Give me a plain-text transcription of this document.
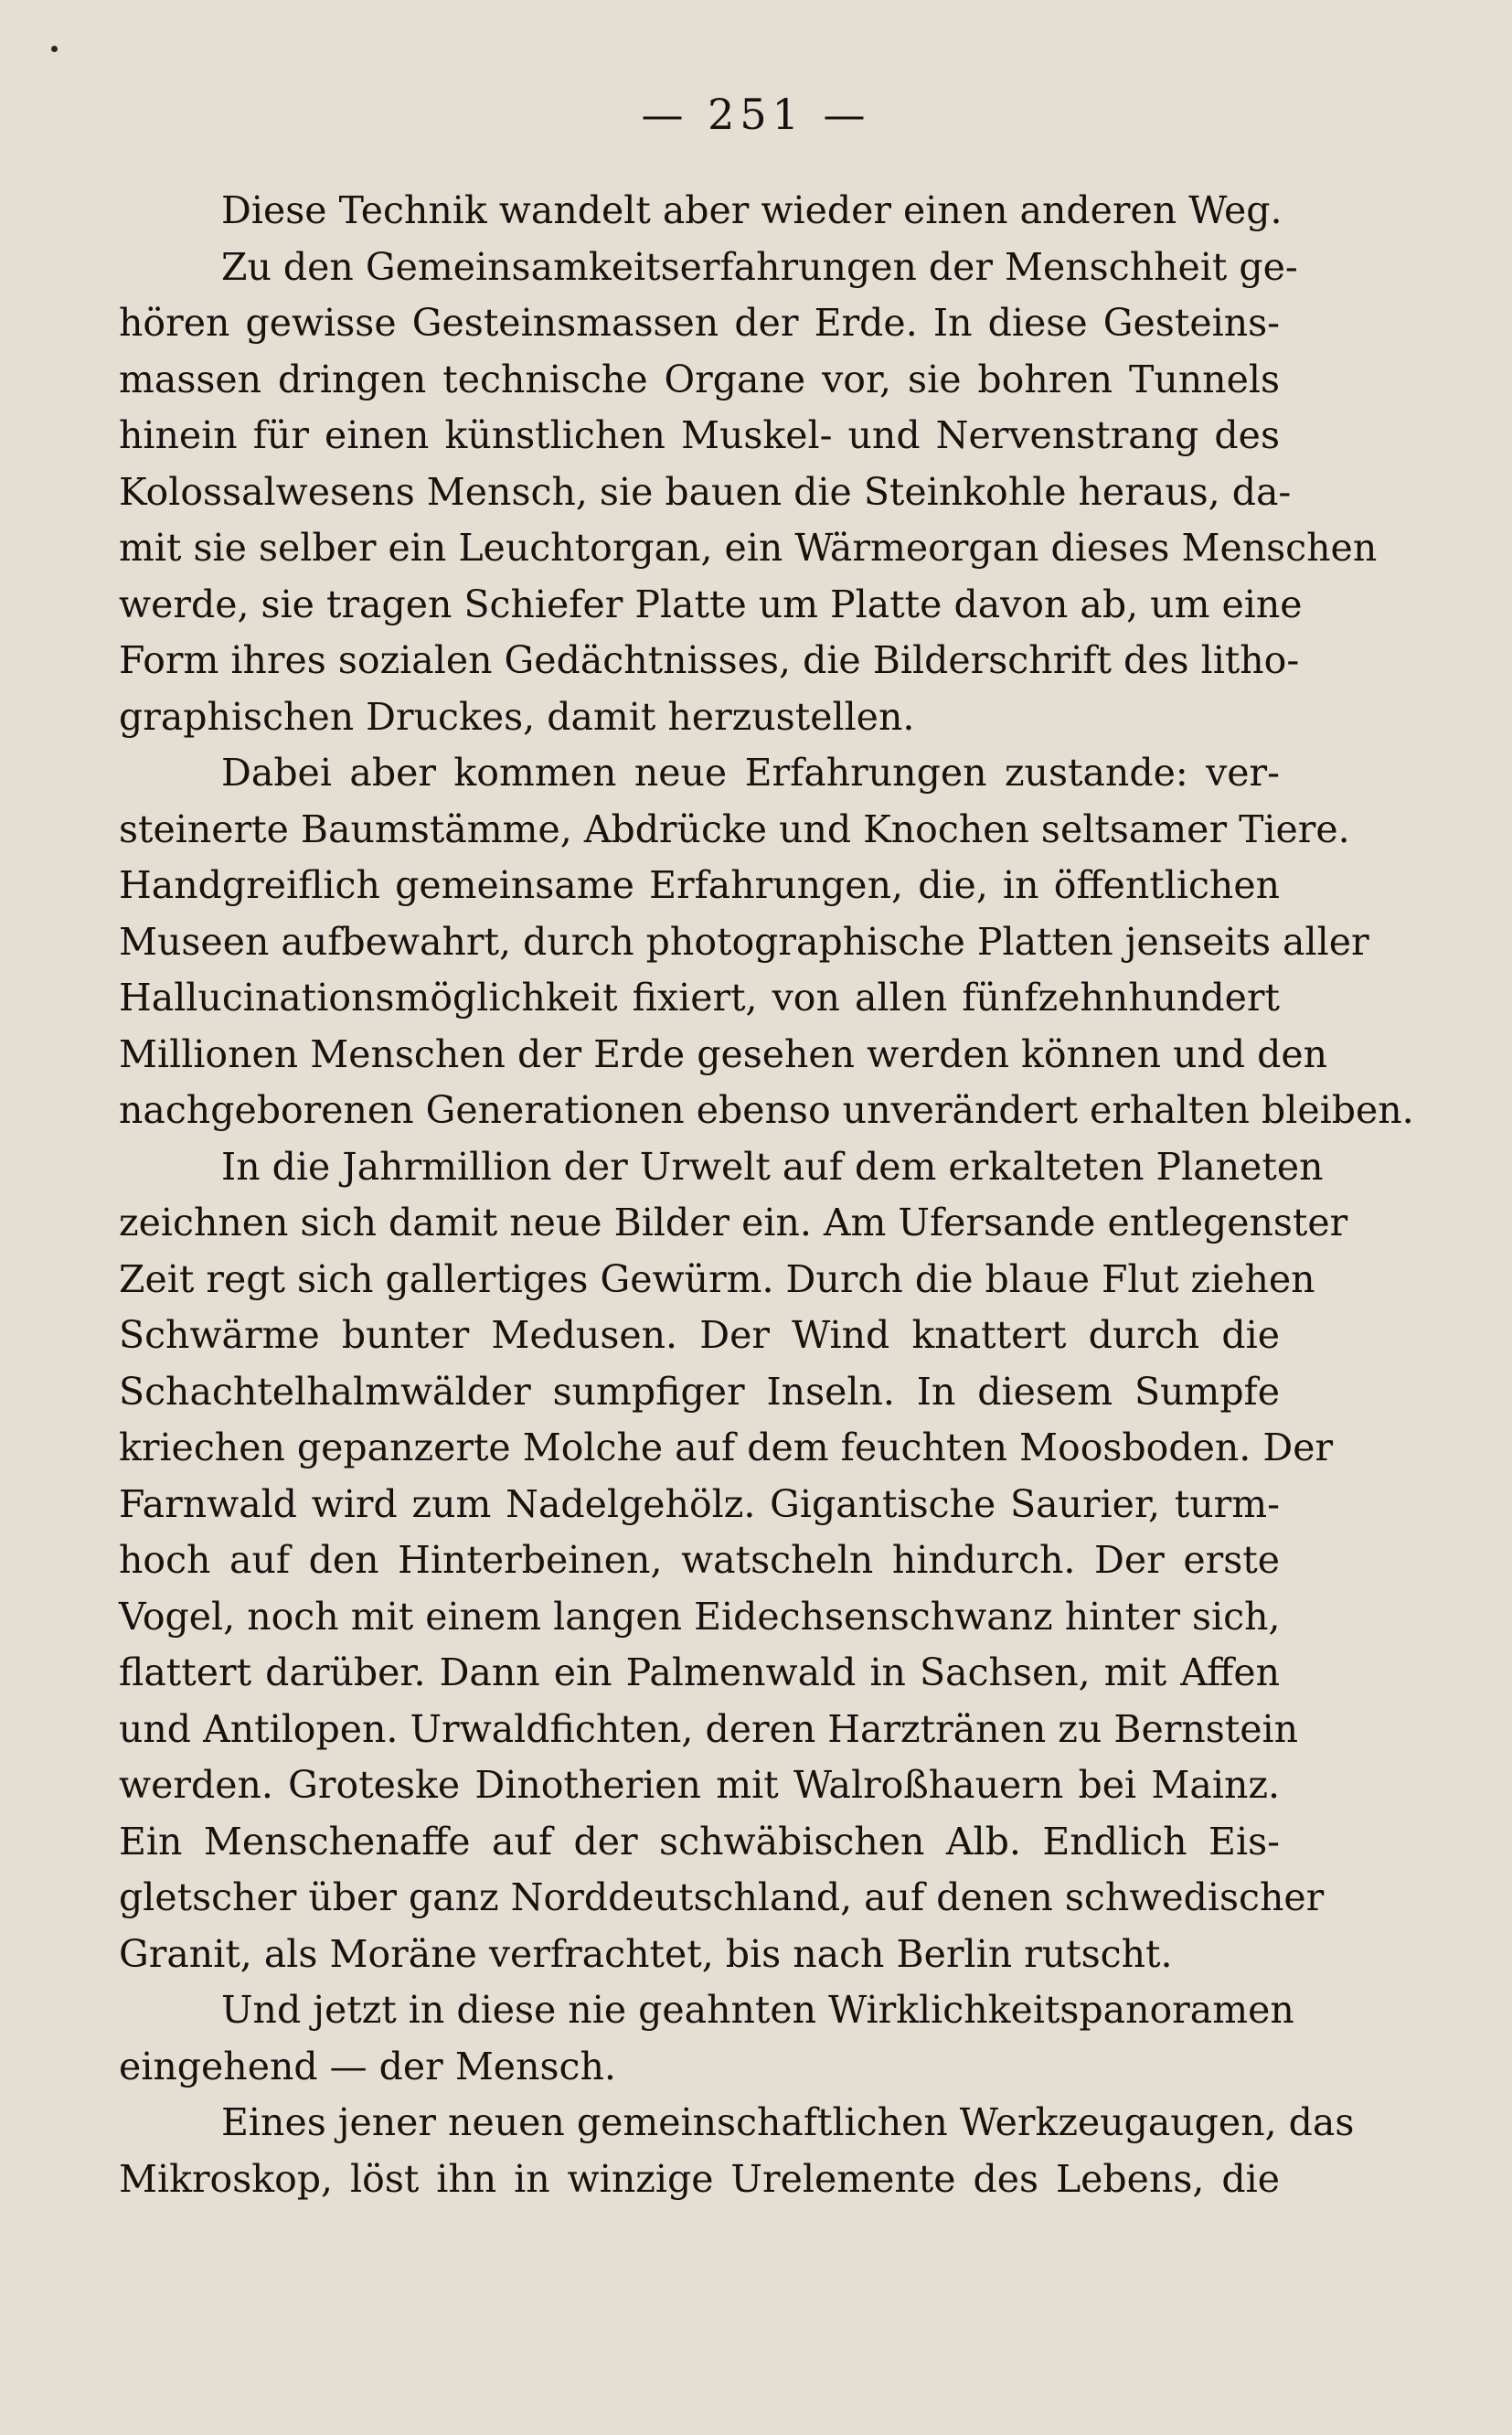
— 251 —
Diese Technik wandelt aber wieder einen anderen Weg.
Zu den Gemeinsamkeitserfahrungen der Menschheit ge-
hören gewisse Gesteinsmassen der Erde. In diese Gesteins-
massen dringen technische Organe vor, sie bohren Tunnels
hinein für einen künstlichen Muskel- und Nervenstrang des
Kolossalwesens Mensch, sie bauen die Steinkohle heraus, da-
mit sie selber ein Leuchtorgan, ein Wärmeorgan dieses Menschen
werde, sie tragen Schiefer Platte um Platte davon ab, um eine
Form ihres sozialen Gedächtnisses, die Bilderschrift des litho-
graphischen Druckes, damit herzustellen.
Dabei aber kommen neue Erfahrungen zustande: ver-
steinerte Baumstämme, Abdrücke und Knochen seltsamer Tiere.
Handgreiflich gemeinsame Erfahrungen, die, in öffentlichen
Museen aufbewahrt, durch photographische Platten jenseits aller
Hallucinationsmöglichkeit fixiert, von allen fünfzehnhundert
Millionen Menschen der Erde gesehen werden können und den
nachgeborenen Generationen ebenso unverändert erhalten bleiben.
In die Jahrmillion der Urwelt auf dem erkalteten Planeten
zeichnen sich damit neue Bilder ein. Am Ufersande entlegenster
Zeit regt sich gallertiges Gewürm. Durch die blaue Flut ziehen
Schwärme bunter Medusen. Der Wind knattert durch die
Schachtelhalmwälder sumpfiger Inseln. In diesem Sumpfe
kriechen gepanzerte Molche auf dem feuchten Moosboden. Der
Farnwald wird zum Nadelgehölz. Gigantische Saurier, turm-
hoch auf den Hinterbeinen, watscheln hindurch. Der erste
Vogel, noch mit einem langen Eidechsenschwanz hinter sich,
flattert darüber. Dann ein Palmenwald in Sachsen, mit Affen
und Antilopen. Urwaldfichten, deren Harztränen zu Bernstein
werden. Groteske Dinotherien mit Walroßhauern bei Mainz.
Ein Menschenaffe auf der schwäbischen Alb. Endlich Eis-
gletscher über ganz Norddeutschland, auf denen schwedischer
Granit, als Moräne verfrachtet, bis nach Berlin rutscht.
Und jetzt in diese nie geahnten Wirklichkeitspanoramen
eingehend — der Mensch.
Eines jener neuen gemeinschaftlichen Werkzeugaugen, das
Mikroskop, löst ihn in winzige Urelemente des Lebens, die
